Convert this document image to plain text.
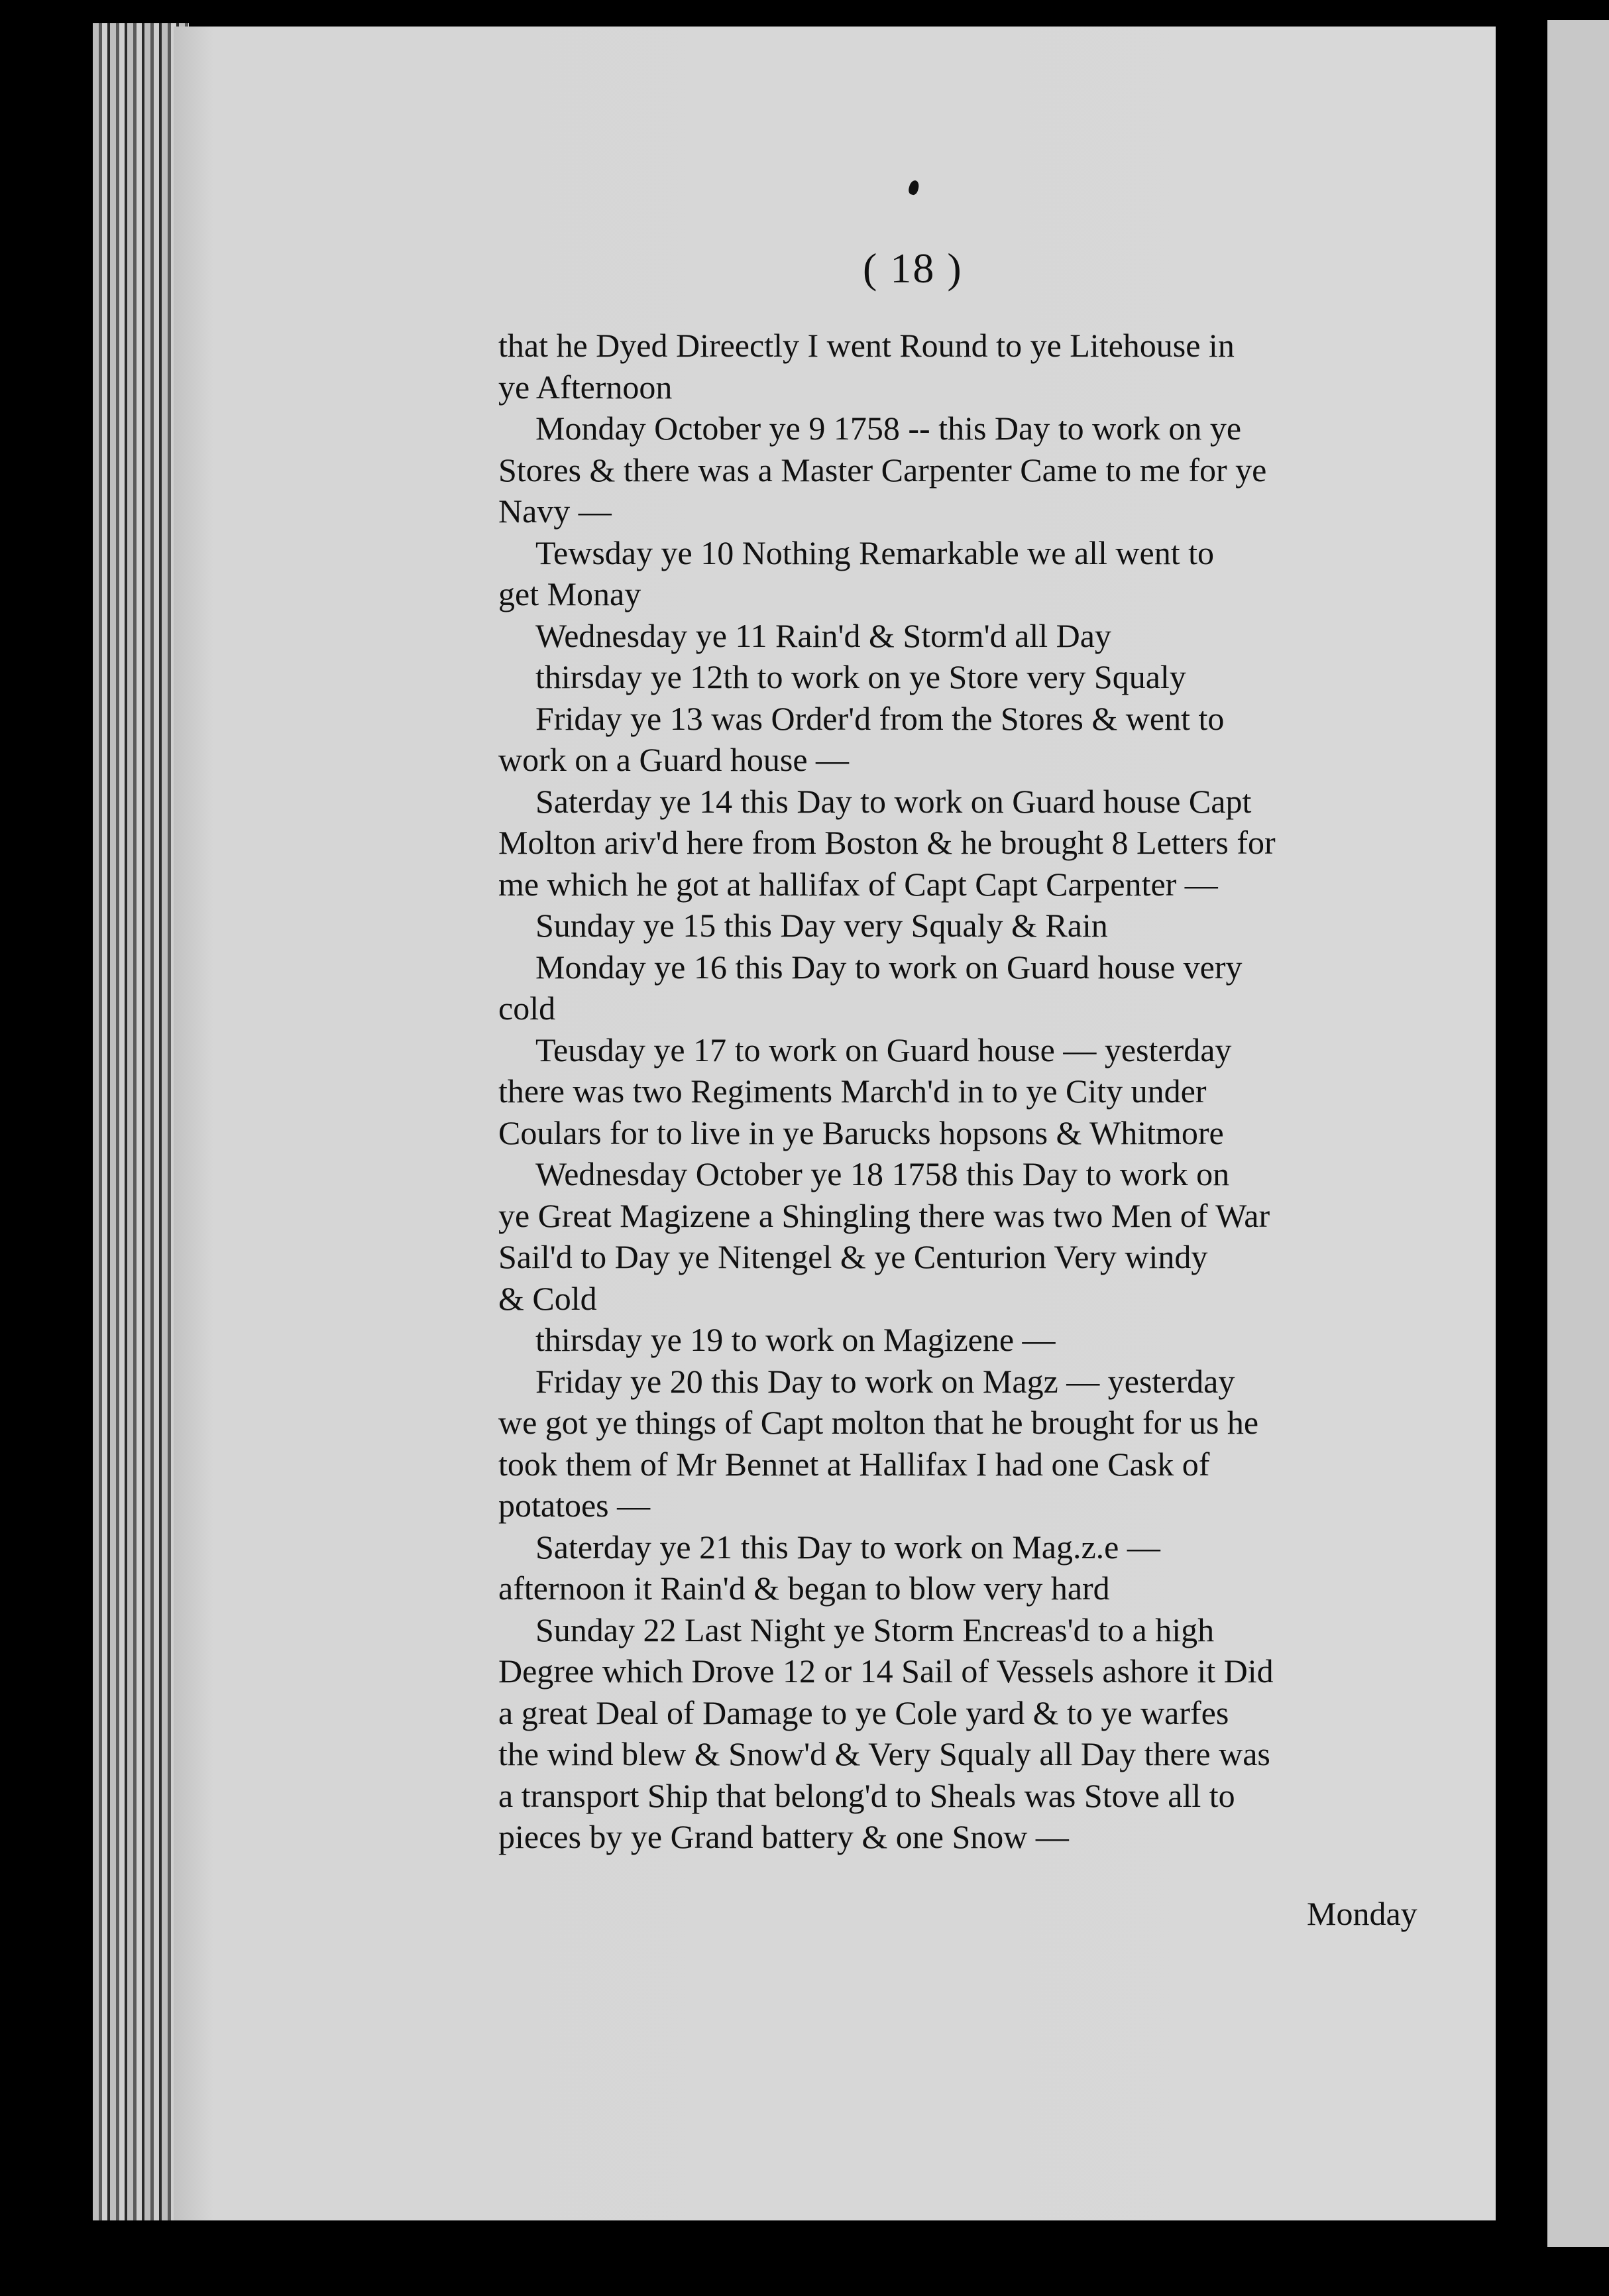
( 18 )
that he Dyed Direectly I went Round to ye Litehouse in
ye Afternoon
Monday October ye 9 1758 -- this Day to work on ye
Stores & there was a Master Carpenter Came to me for ye
Navy —
Tewsday ye 10 Nothing Remarkable we all went to
get Monay
Wednesday ye 11 Rain'd & Storm'd all Day
thirsday ye 12th to work on ye Store very Squaly
Friday ye 13 was Order'd from the Stores & went to
work on a Guard house —
Saterday ye 14 this Day to work on Guard house Capt
Molton ariv'd here from Boston & he brought 8 Letters for
me which he got at hallifax of Capt Capt Carpenter —
Sunday ye 15 this Day very Squaly & Rain
Monday ye 16 this Day to work on Guard house very
cold
Teusday ye 17 to work on Guard house — yesterday
there was two Regiments March'd in to ye City under
Coulars for to live in ye Barucks hopsons & Whitmore
Wednesday October ye 18 1758 this Day to work on
ye Great Magizene a Shingling there was two Men of War
Sail'd to Day ye Nitengel & ye Centurion Very windy
& Cold
thirsday ye 19 to work on Magizene —
Friday ye 20 this Day to work on Magz — yesterday
we got ye things of Capt molton that he brought for us he
took them of Mr Bennet at Hallifax I had one Cask of
potatoes —
Saterday ye 21 this Day to work on Mag.z.e —
afternoon it Rain'd & began to blow very hard
Sunday 22 Last Night ye Storm Encreas'd to a high
Degree which Drove 12 or 14 Sail of Vessels ashore it Did
a great Deal of Damage to ye Cole yard & to ye warfes
the wind blew & Snow'd & Very Squaly all Day there was
a transport Ship that belong'd to Sheals was Stove all to
pieces by ye Grand battery & one Snow —
Monday
